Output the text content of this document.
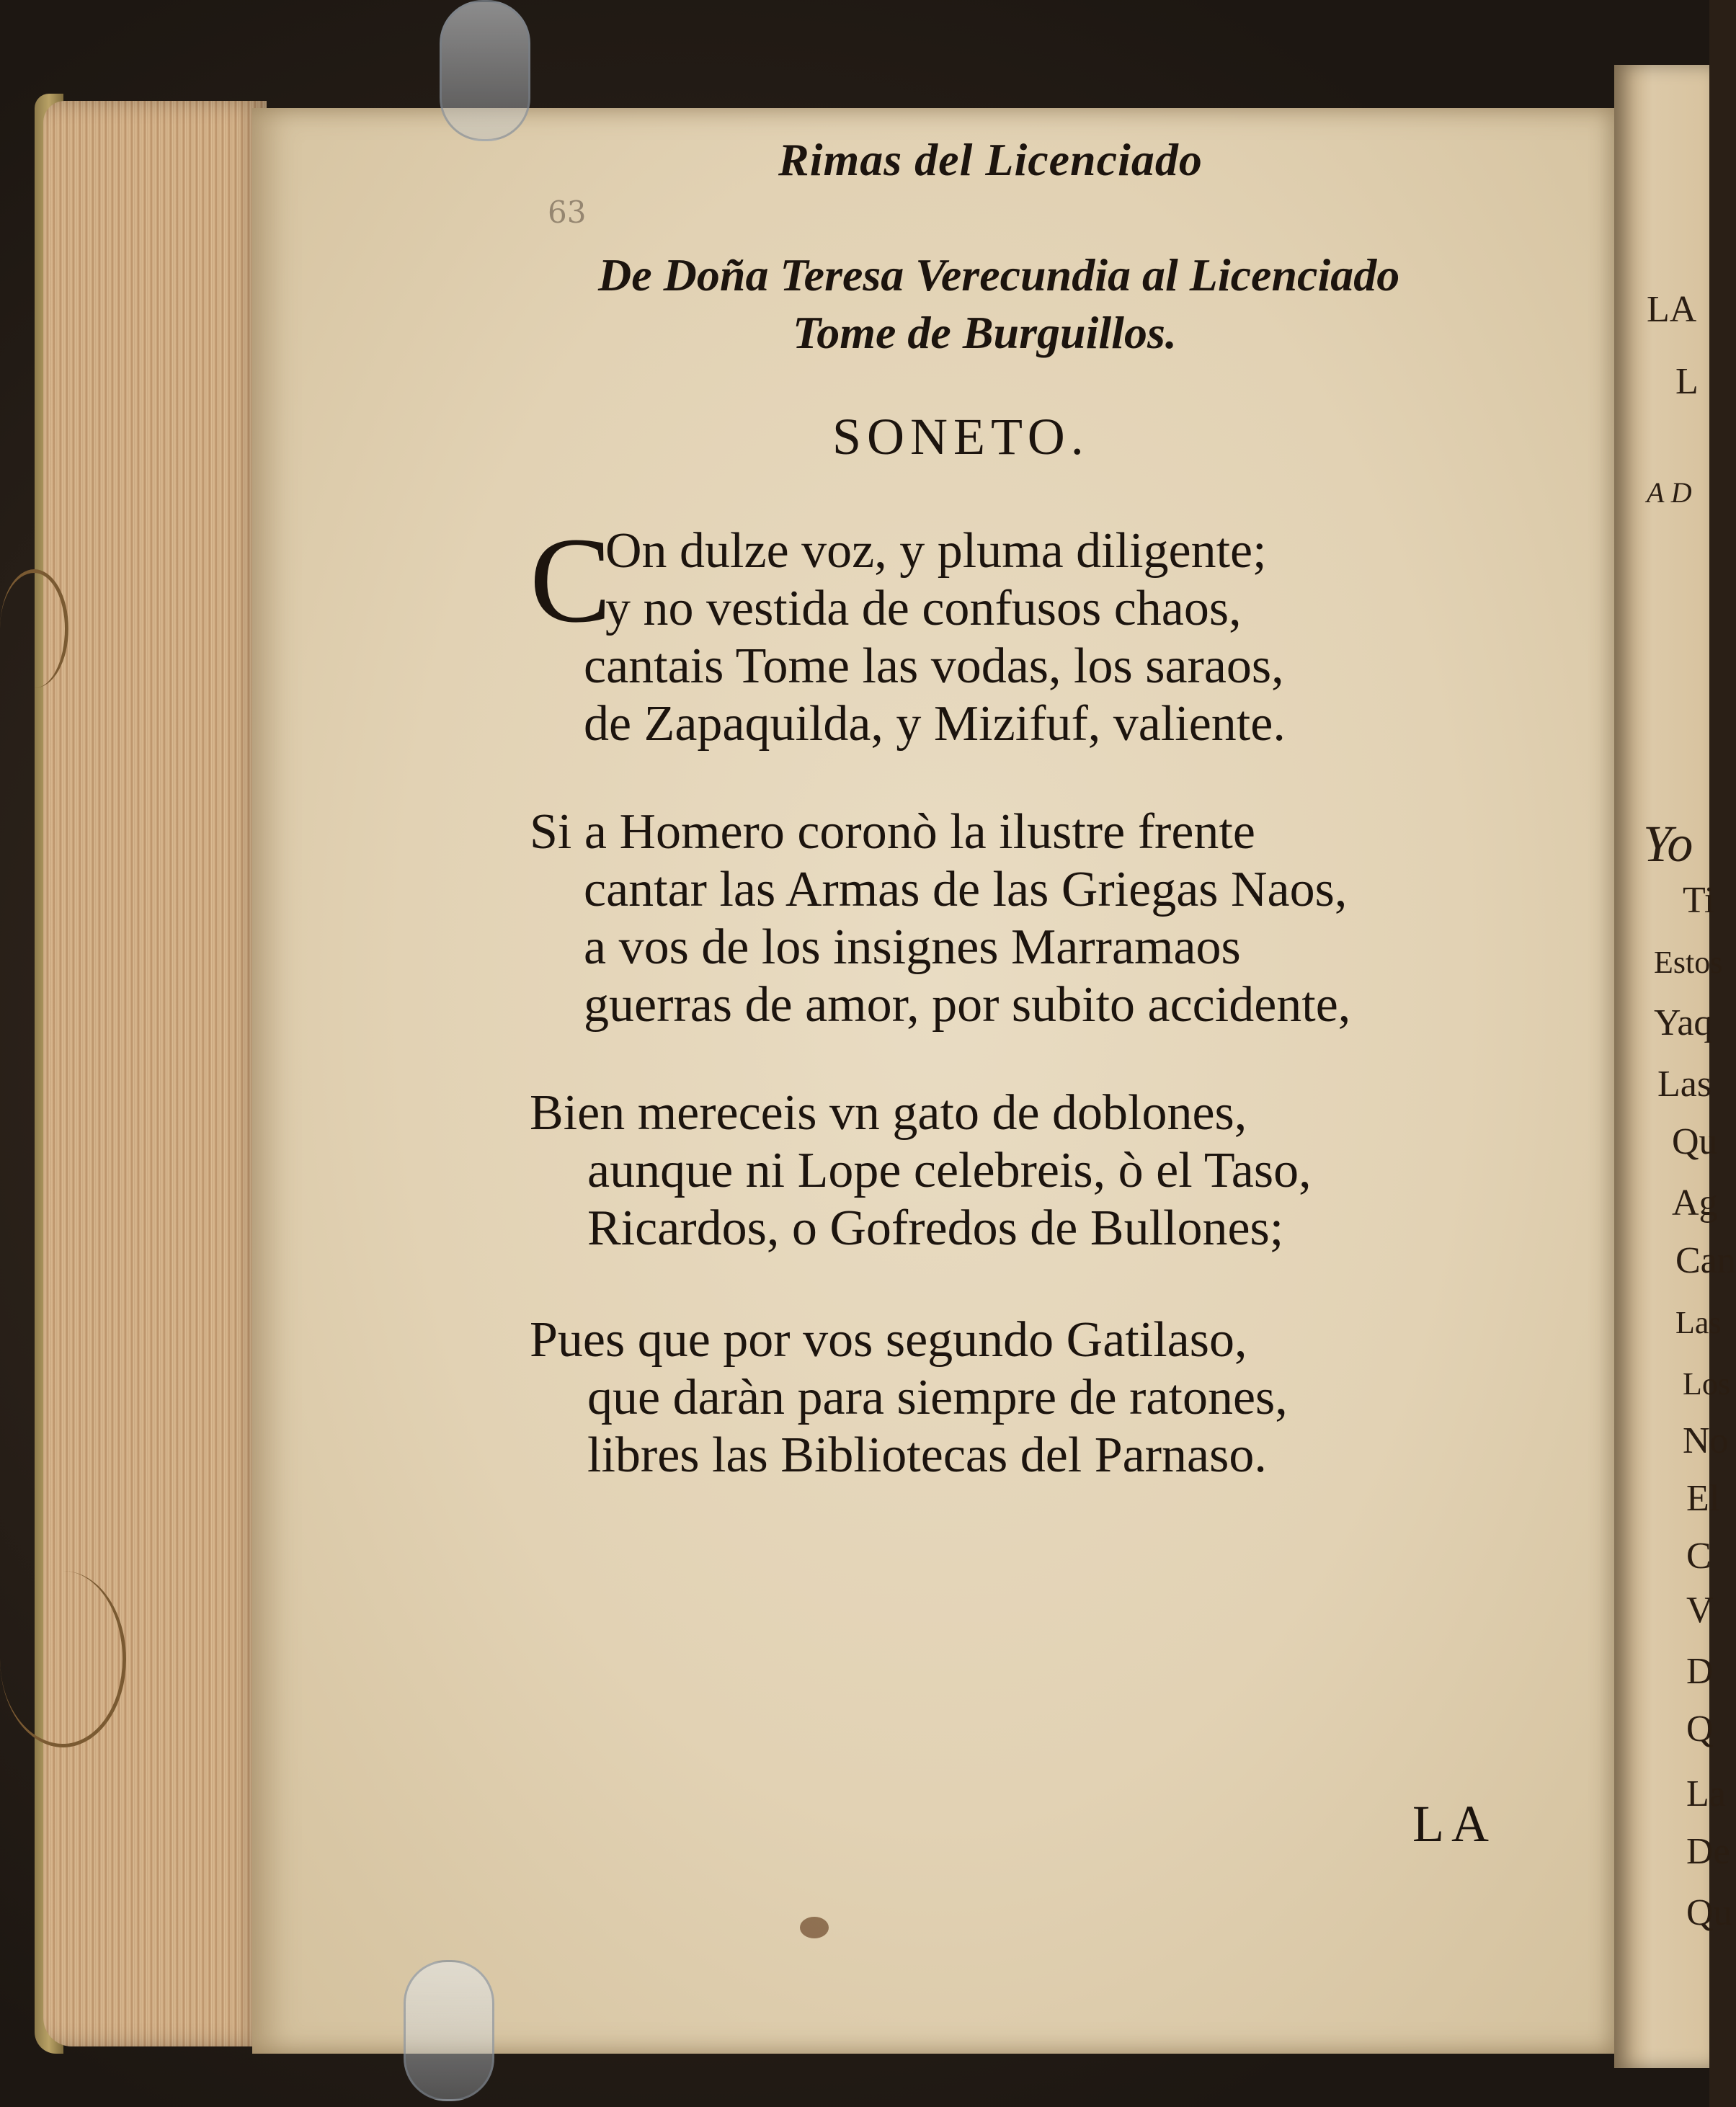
LA
L
A D
Yo
Ti
Estos
Yaq
Las
Qu
Ag
Can
Las
Los
No
El
C
V
D
Q
La
De
Qu
Rimas del Licenciado
63
De Doña Teresa Verecundia al Licenciado
Tome de Burguillos.
SONETO.
C
On dulze voz, y pluma diligente;
y no vestida de confusos chaos,
cantais Tome las vodas, los saraos,
de Zapaquilda, y Mizifuf, valiente.
Si a Homero coronò la ilustre frente
cantar las Armas de las Griegas Naos,
a vos de los insignes Marramaos
guerras de amor, por subito accidente,
Bien mereceis vn gato de doblones,
aunque ni Lope celebreis, ò el Taso,
Ricardos, o Gofredos de Bullones;
Pues que por vos segundo Gatilaso,
que daràn para siempre de ratones,
libres las Bibliotecas del Parnaso.
LA
